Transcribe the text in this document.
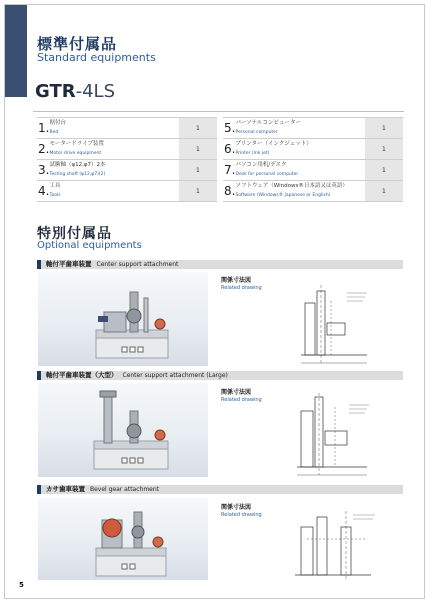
標準付属品
Standard equipments
GTR-4LS
1.	据付台
Bed	1
2.	モータードライブ装置
Motor drive equipment	1
3.	試験軸（φ12,φ7）2本
Testing shaft (φ12,φ7)(2)	1
4.	工具
Tools	1
5.	パーソナルコンピューター
Personal computer	1
6.	プリンター（インクジェット）
Printer (Ink jet)	1
7.	パソコン用机/デスク
Desk for personal computer	1
8.	ソフトウェア（Windows®日本語又は英語）
Software (Windows® Japanese or English)	1
特別付属品
Optional equipments
軸付平歯車装置 Center support attachment
関係寸法図
Related drawing
軸付平歯車装置（大型） Center support attachment (Large)
関係寸法図
Related drawing
カサ歯車装置 Bevel gear attachment
関係寸法図
Related drawing
5
